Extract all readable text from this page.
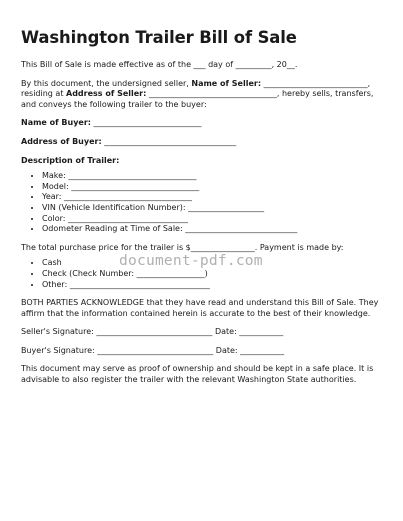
Washington Trailer Bill of Sale

This Bill of Sale is made effective as of the ___ day of _________, 20__.

By this document, the undersigned seller, Name of Seller: __________________________, residing at Address of Seller: ________________________________, hereby sells, transfers, and conveys the following trailer to the buyer:

Name of Buyer: ___________________________

Address of Buyer: _________________________________

Description of Trailer:

• Make: ________________________________
• Model: ________________________________
• Year: ________________________________
• VIN (Vehicle Identification Number): ___________________
• Color: ______________________________
• Odometer Reading at Time of Sale: ____________________________

The total purchase price for the trailer is $________________. Payment is made by:

• Cash
• Check (Check Number: _________________)
• Other: ___________________________________

BOTH PARTIES ACKNOWLEDGE that they have read and understand this Bill of Sale. They affirm that the information contained herein is accurate to the best of their knowledge.

Seller's Signature: _____________________________ Date: ___________

Buyer's Signature: _____________________________ Date: ___________

This document may serve as proof of ownership and should be kept in a safe place. It is advisable to also register the trailer with the relevant Washington State authorities.

document-pdf.com
